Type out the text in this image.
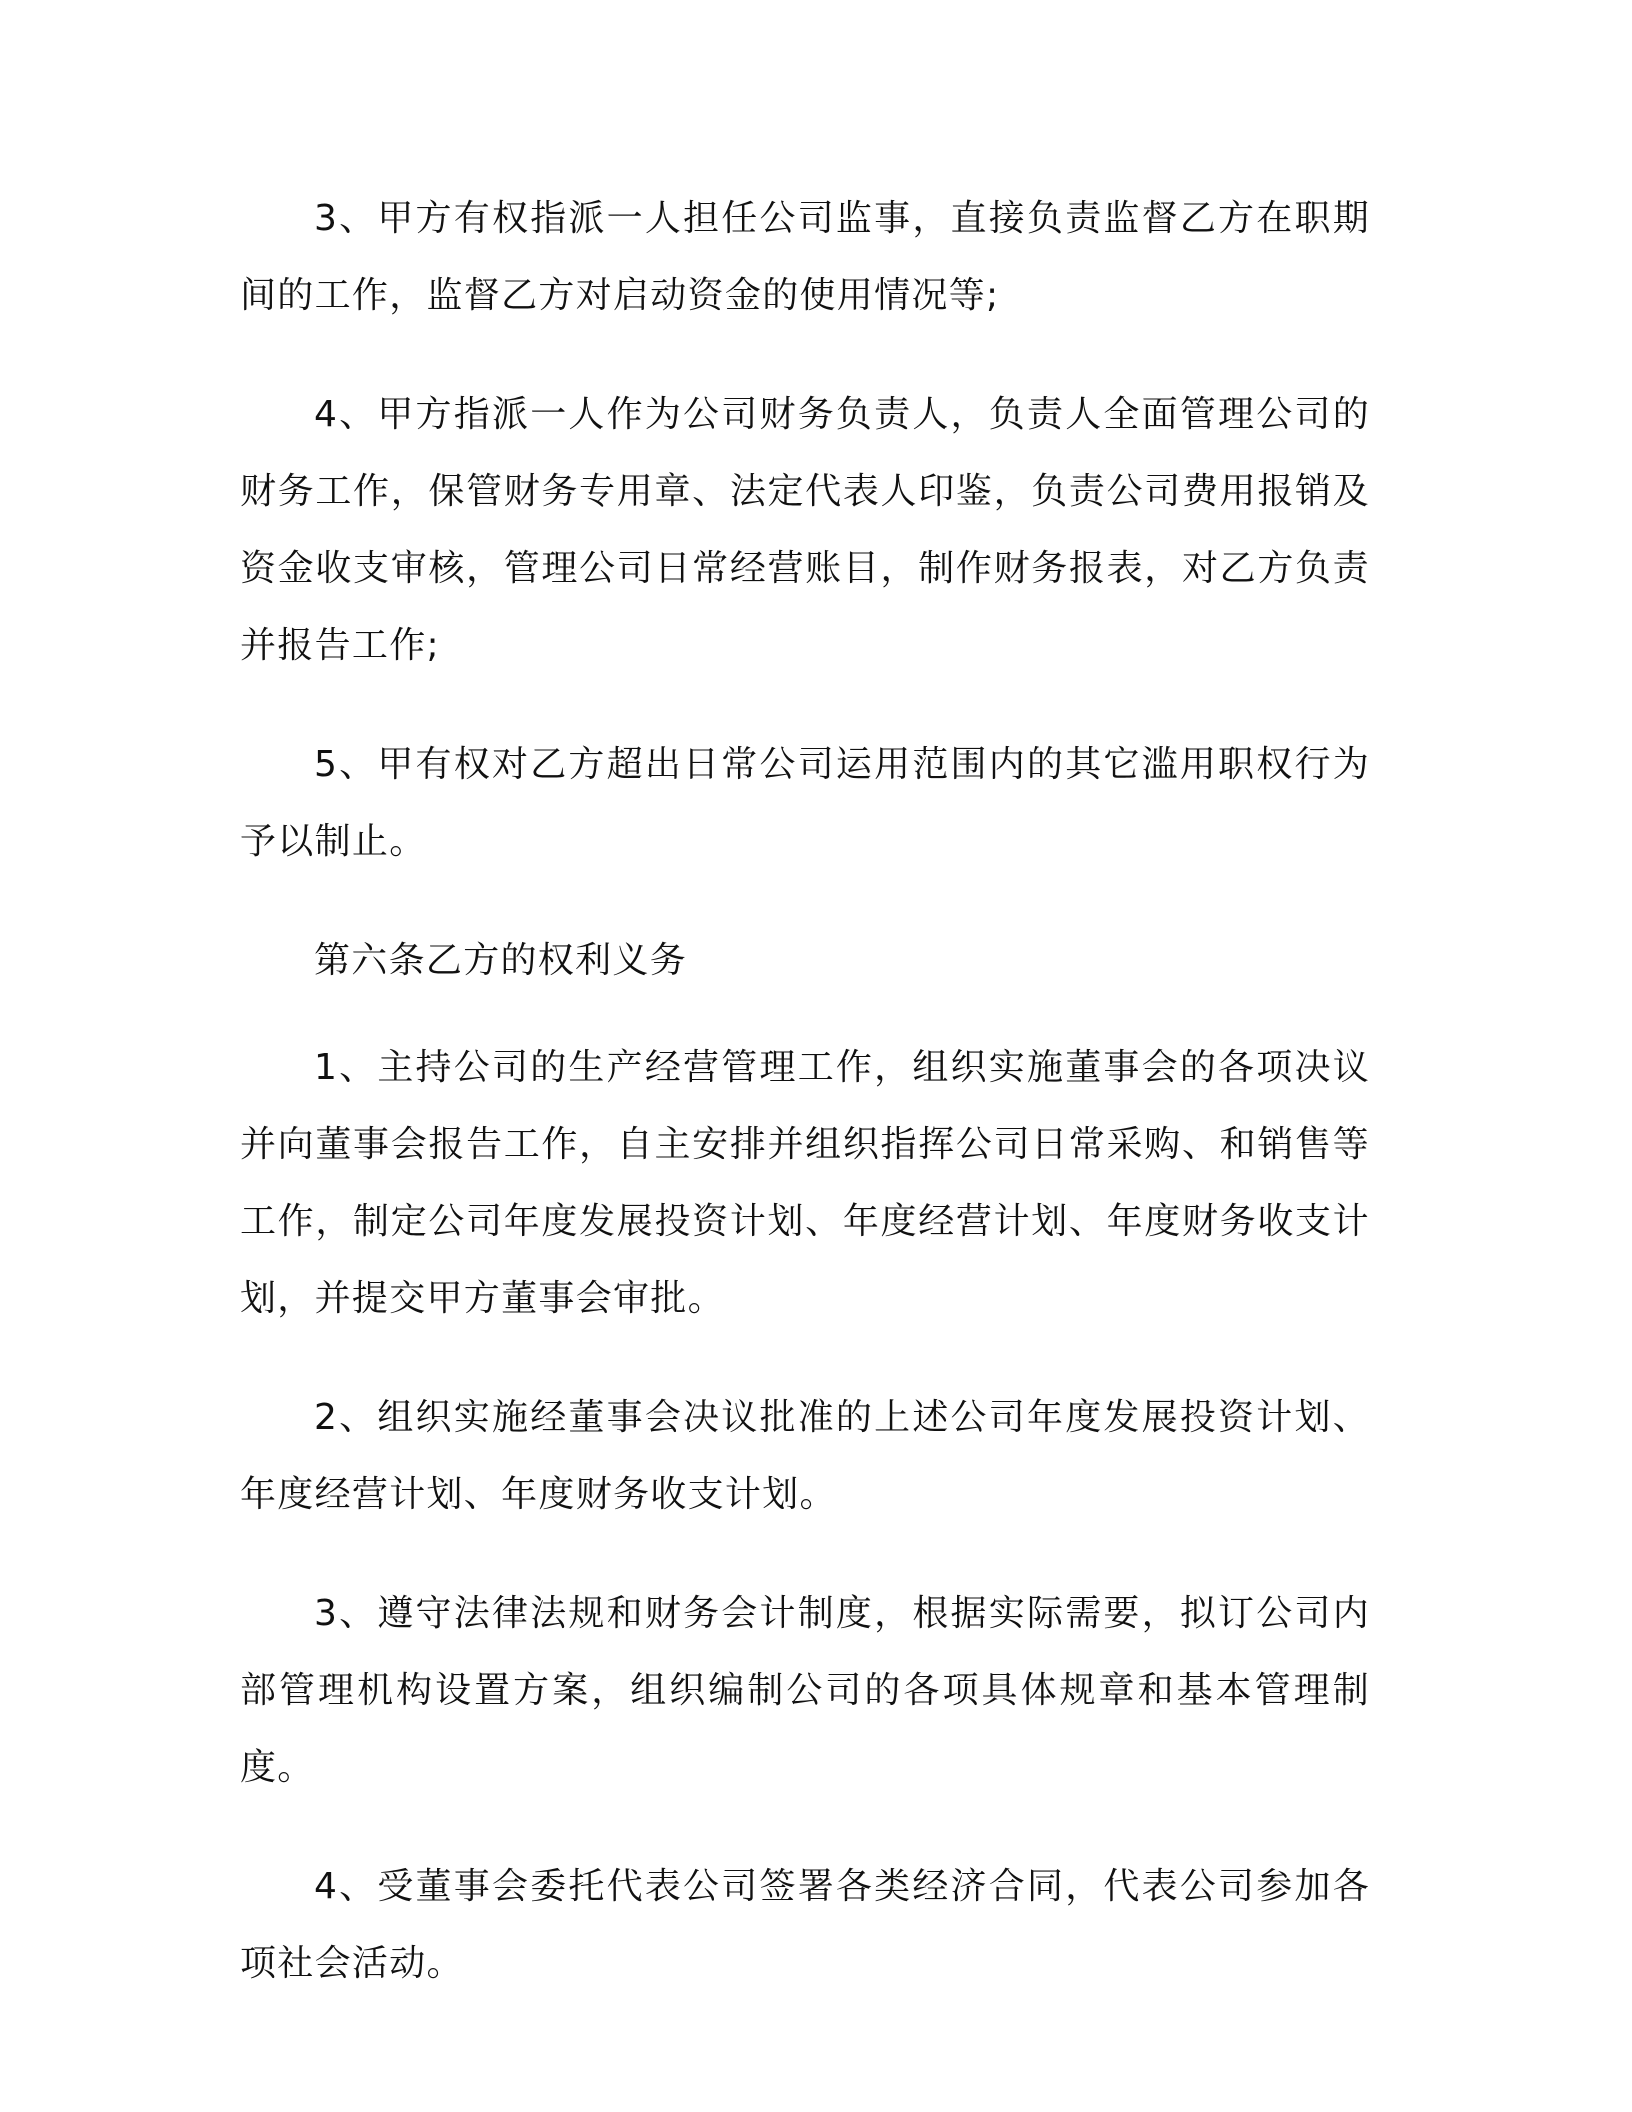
3、甲方有权指派一人担任公司监事，直接负责监督乙方在职期间的工作，监督乙方对启动资金的使用情况等;

4、甲方指派一人作为公司财务负责人，负责人全面管理公司的财务工作，保管财务专用章、法定代表人印鉴，负责公司费用报销及资金收支审核，管理公司日常经营账目，制作财务报表，对乙方负责并报告工作;

5、甲有权对乙方超出日常公司运用范围内的其它滥用职权行为予以制止。

第六条乙方的权利义务

1、主持公司的生产经营管理工作，组织实施董事会的各项决议并向董事会报告工作，自主安排并组织指挥公司日常采购、和销售等工作，制定公司年度发展投资计划、年度经营计划、年度财务收支计划，并提交甲方董事会审批。

2、组织实施经董事会决议批准的上述公司年度发展投资计划、年度经营计划、年度财务收支计划。

3、遵守法律法规和财务会计制度，根据实际需要，拟订公司内部管理机构设置方案，组织编制公司的各项具体规章和基本管理制度。

4、受董事会委托代表公司签署各类经济合同，代表公司参加各项社会活动。
